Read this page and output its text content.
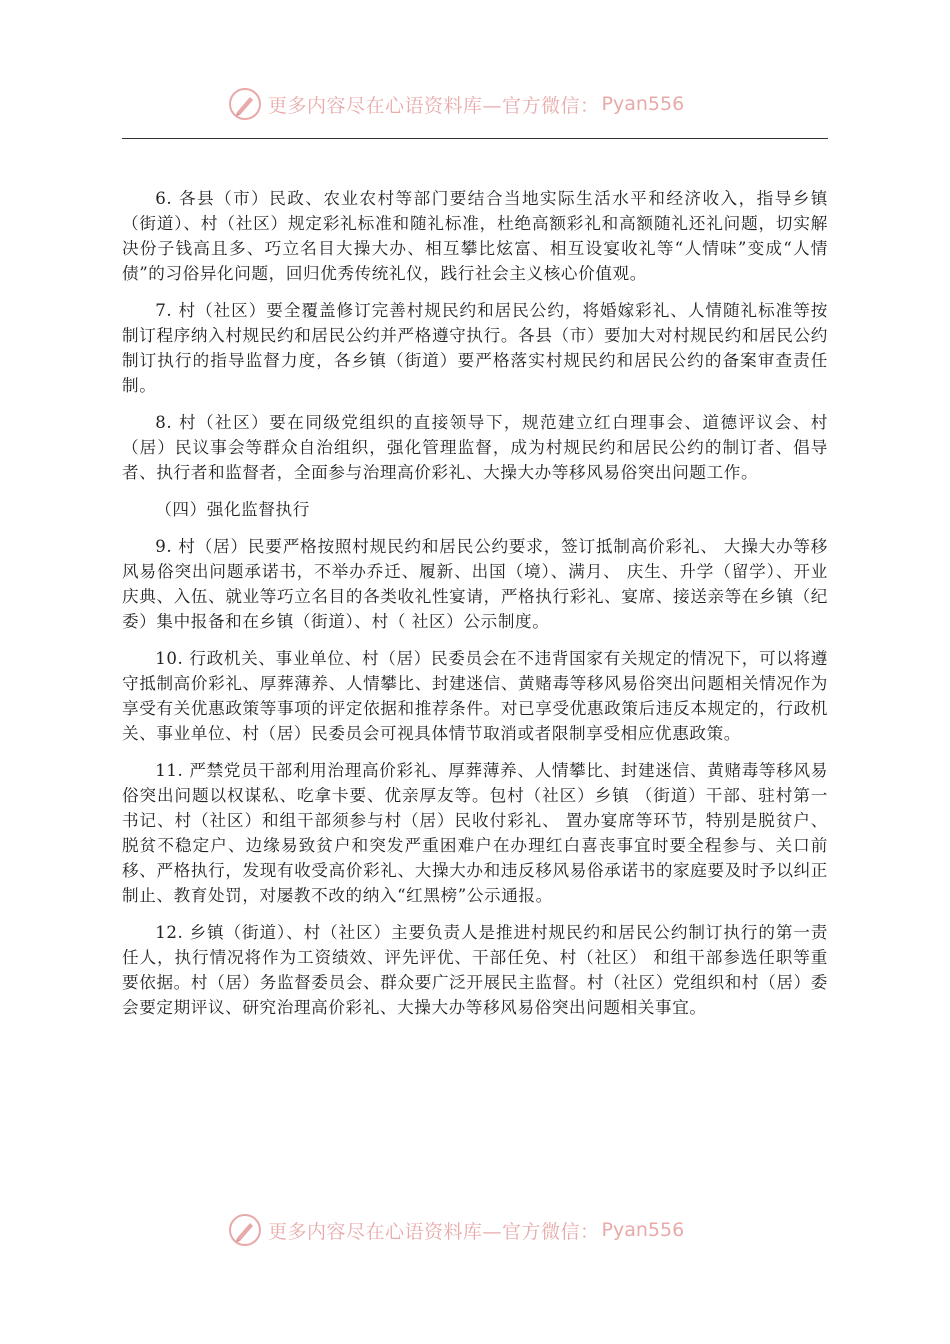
更多内容尽在心语资料库—官方微信： Pyan556

6. 各县（市）民政、农业农村等部门要结合当地实际生活水平和经济收入，指导乡镇（街道）、村（社区）规定彩礼标准和随礼标准，杜绝高额彩礼和高额随礼还礼问题，切实解决份子钱高且多、巧立名目大操大办、相互攀比炫富、相互设宴收礼等“人情味”变成“人情债”的习俗异化问题，回归优秀传统礼仪，践行社会主义核心价值观。

7. 村（社区）要全覆盖修订完善村规民约和居民公约，将婚嫁彩礼、人情随礼标准等按制订程序纳入村规民约和居民公约并严格遵守执行。各县（市）要加大对村规民约和居民公约制订执行的指导监督力度，各乡镇（街道）要严格落实村规民约和居民公约的备案审查责任制。

8. 村（社区）要在同级党组织的直接领导下，规范建立红白理事会、道德评议会、村（居）民议事会等群众自治组织，强化管理监督，成为村规民约和居民公约的制订者、倡导者、执行者和监督者，全面参与治理高价彩礼、大操大办等移风易俗突出问题工作。

（四）强化监督执行

9. 村（居）民要严格按照村规民约和居民公约要求，签订抵制高价彩礼、 大操大办等移风易俗突出问题承诺书，不举办乔迁、履新、出国（境）、满月、 庆生、升学（留学）、开业庆典、入伍、就业等巧立名目的各类收礼性宴请，严格执行彩礼、宴席、接送亲等在乡镇（纪委）集中报备和在乡镇（街道）、村（ 社区）公示制度。

10. 行政机关、事业单位、村（居）民委员会在不违背国家有关规定的情况下，可以将遵守抵制高价彩礼、厚葬薄养、人情攀比、封建迷信、黄赌毒等移风易俗突出问题相关情况作为享受有关优惠政策等事项的评定依据和推荐条件。对已享受优惠政策后违反本规定的，行政机关、事业单位、村（居）民委员会可视具体情节取消或者限制享受相应优惠政策。

11. 严禁党员干部利用治理高价彩礼、厚葬薄养、人情攀比、封建迷信、黄赌毒等移风易俗突出问题以权谋私、吃拿卡要、优亲厚友等。包村（社区）乡镇 （街道）干部、驻村第一书记、村（社区）和组干部须参与村（居）民收付彩礼、 置办宴席等环节，特别是脱贫户、 脱贫不稳定户、边缘易致贫户和突发严重困难户在办理红白喜丧事宜时要全程参与、关口前移、严格执行，发现有收受高价彩礼、大操大办和违反移风易俗承诺书的家庭要及时予以纠正制止、教育处罚，对屡教不改的纳入“红黑榜”公示通报。

12. 乡镇（街道）、村（社区）主要负责人是推进村规民约和居民公约制订执行的第一责任人，执行情况将作为工资绩效、评先评优、干部任免、村（社区） 和组干部参选任职等重要依据。村（居）务监督委员会、群众要广泛开展民主监督。村（社区）党组织和村（居）委会要定期评议、研究治理高价彩礼、大操大办等移风易俗突出问题相关事宜。

更多内容尽在心语资料库—官方微信： Pyan556
